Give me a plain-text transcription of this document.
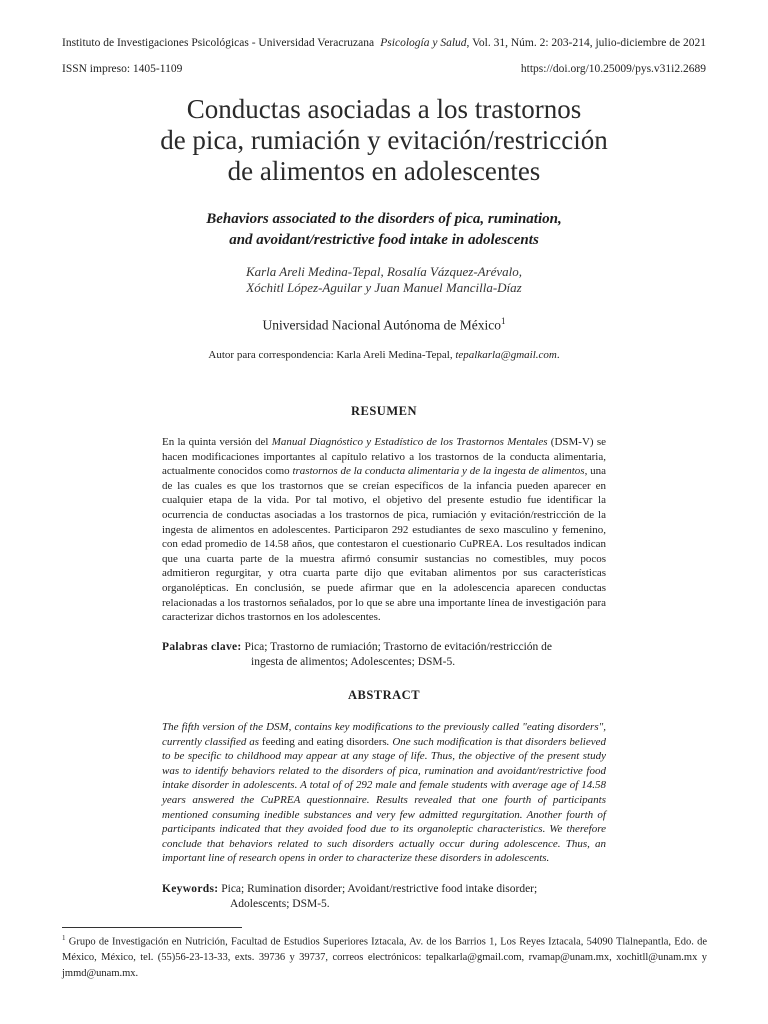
Instituto de Investigaciones Psicológicas - Universidad Veracruzana Psicología y Salud, Vol. 31, Núm. 2: 203-214, julio-diciembre de 2021
ISSN impreso: 1405-1109	https://doi.org/10.25009/pys.v31i2.2689
Conductas asociadas a los trastornos
de pica, rumiación y evitación/restricción
de alimentos en adolescentes
Behaviors associated to the disorders of pica, rumination,
and avoidant/restrictive food intake in adolescents
Karla Areli Medina-Tepal, Rosalía Vázquez-Arévalo,
Xóchitl López-Aguilar y Juan Manuel Mancilla-Díaz
Universidad Nacional Autónoma de México$^1$
Autor para correspondencia: Karla Areli Medina-Tepal, tepalkarla@gmail.com.
RESUMEN
En la quinta versión del Manual Diagnóstico y Estadístico de los Trastornos Mentales (DSM-V) se hacen modificaciones importantes al capítulo relativo a los trastornos de la conducta alimentaria, actualmente conocidos como trastornos de la conducta alimentaria y de la ingesta de alimentos, una de las cuales es que los trastornos que se creían específicos de la infancia pueden aparecer en cualquier etapa de la vida. Por tal motivo, el objetivo del presente estudio fue identificar la ocurrencia de conductas asociadas a los trastornos de pica, rumiación y evitación/restricción de la ingesta de alimentos en adolescentes. Participaron 292 estudiantes de sexo masculino y femenino, con edad promedio de 14.58 años, que contestaron el cuestionario CuPREA. Los resultados indican que una cuarta parte de la muestra afirmó consumir sustancias no comestibles, muy pocos admitieron regurgitar, y otra cuarta parte dijo que evitaban alimentos por sus características organolépticas. En conclusión, se puede afirmar que en la adolescencia aparecen conductas relacionadas a los trastornos señalados, por lo que se abre una importante línea de investigación para caracterizar dichos trastornos en los adolescentes.
Palabras clave: Pica; Trastorno de rumiación; Trastorno de evitación/restricción de
ingesta de alimentos; Adolescentes; DSM-5.
ABSTRACT
The fifth version of the DSM, contains key modifications to the previously called "eating disorders", currently classified as feeding and eating disorders. One such modification is that disorders believed to be specific to childhood may appear at any stage of life. Thus, the objective of the present study was to identify behaviors related to the disorders of pica, rumination and avoidant/restrictive food intake disorder in adolescents. A total of of 292 male and female students with average age of 14.58 years answered the CuPREA questionnaire. Results revealed that one fourth of participants mentioned consuming inedible substances and very few admitted regurgitation. Another fourth of participants indicated that they avoided food due to its organoleptic characteristics. We therefore conclude that behaviors related to such disorders actually occur during adolescence. Thus, an important line of research opens in order to characterize these disorders in adolescents.
Keywords: Pica; Rumination disorder; Avoidant/restrictive food intake disorder;
Adolescents; DSM-5.
$^1$ Grupo de Investigación en Nutrición, Facultad de Estudios Superiores Iztacala, Av. de los Barrios 1, Los Reyes Iztacala, 54090 Tlalnepantla, Edo. de México, México, tel. (55)56-23-13-33, exts. 39736 y 39737, correos electrónicos: tepalkarla@gmail.com, rvamap@unam.mx, xochitll@unam.mx y jmmd@unam.mx.
